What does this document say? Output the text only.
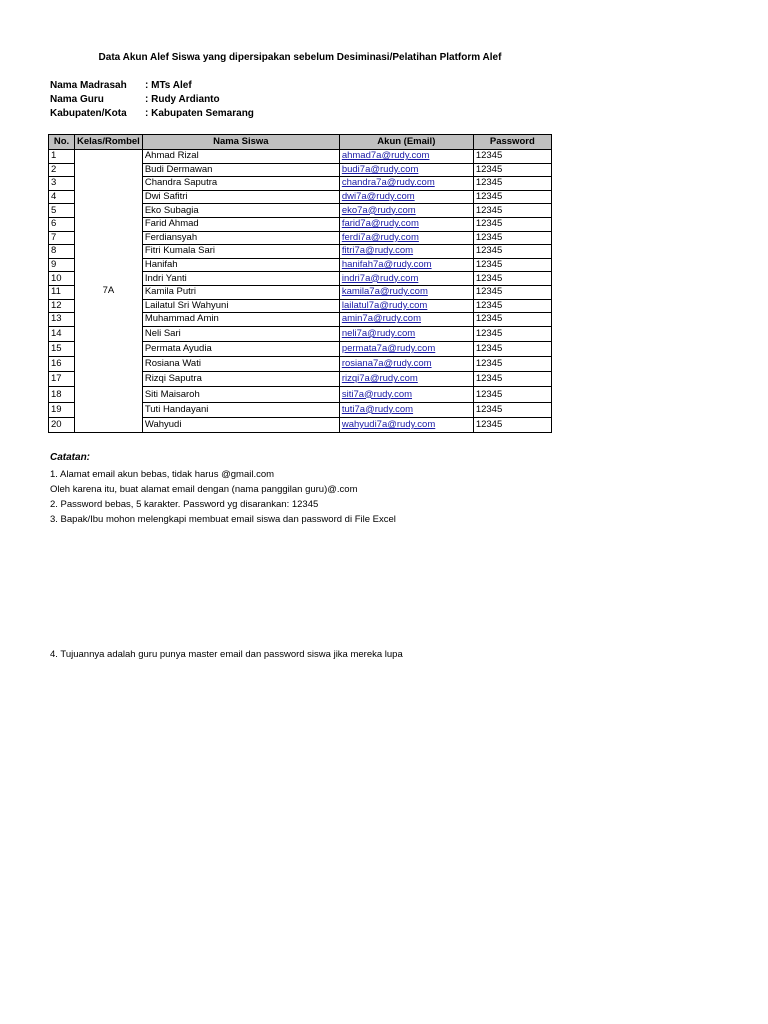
Data Akun Alef Siswa yang dipersipakan sebelum Desiminasi/Pelatihan Platform Alef
Nama Madrasah : MTs Alef
Nama Guru	: Rudy Ardianto
Kabupaten/Kota : Kabupaten Semarang
No.	Kelas/Rombel	Nama Siswa	Akun (Email)	Password
1	7A	Ahmad Rizal	ahmad7a@rudy.com	12345
2		Budi Dermawan	budi7a@rudy.com	12345
3		Chandra Saputra	chandra7a@rudy.com	12345
4		Dwi Safitri	dwi7a@rudy.com	12345
5		Eko Subagia	eko7a@rudy.com	12345
6		Farid Ahmad	farid7a@rudy.com	12345
7		Ferdiansyah	ferdi7a@rudy.com	12345
8		Fitri Kumala Sari	fitri7a@rudy.com	12345
9		Hanifah	hanifah7a@rudy.com	12345
10		Indri Yanti	indri7a@rudy.com	12345
11		Kamila Putri	kamila7a@rudy.com	12345
12		Lailatul Sri Wahyuni	lailatul7a@rudy.com	12345
13		Muhammad Amin	amin7a@rudy.com	12345
14		Neli Sari	neli7a@rudy.com	12345
15		Permata Ayudia	permata7a@rudy.com	12345
16		Rosiana Wati	rosiana7a@rudy.com	12345
17		Rizqi Saputra	rizqi7a@rudy.com	12345
18		Siti Maisaroh	siti7a@rudy.com	12345
19		Tuti Handayani	tuti7a@rudy.com	12345
20		Wahyudi	wahyudi7a@rudy.com	12345
Catatan:
1. Alamat email akun bebas, tidak harus @gmail.com
Oleh karena itu, buat alamat email dengan (nama panggilan guru)@.com
2. Password bebas, 5 karakter. Password yg disarankan: 12345
3. Bapak/Ibu mohon melengkapi membuat email siswa dan password di File Excel
4. Tujuannya adalah guru punya master email dan password siswa jika mereka lupa
